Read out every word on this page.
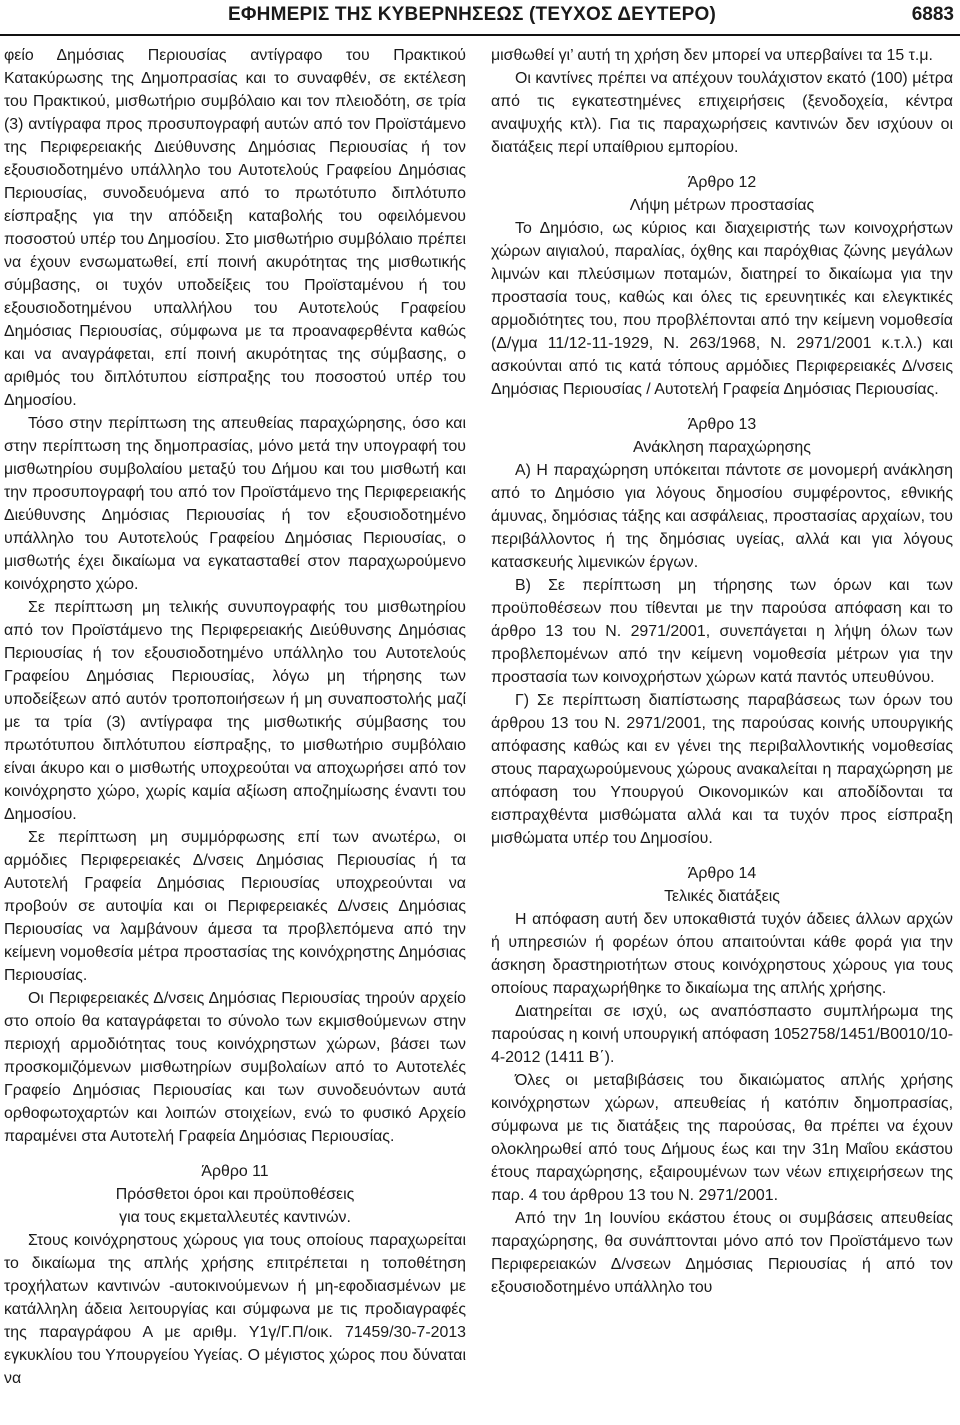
ΕΦΗΜΕΡΙΣ ΤΗΣ ΚΥΒΕΡΝΗΣΕΩΣ (ΤΕΥΧΟΣ ΔΕΥΤΕΡΟ)	6883

φείο Δημόσιας Περιουσίας αντίγραφο του Πρακτικού Κατακύρωσης της Δημοπρασίας και το συναφθέν, σε εκτέλεση του Πρακτικού, μισθωτήριο συμβόλαιο και τον πλειοδότη, σε τρία (3) αντίγραφα προς προσυπογραφή αυτών από τον Προϊστάμενο της Περιφερειακής Διεύθυνσης Δημόσιας Περιουσίας ή τον εξουσιοδοτημένο υπάλληλο του Αυτοτελούς Γραφείου Δημόσιας Περιουσίας, συνοδευόμενα από το πρωτότυπο διπλότυπο είσπραξης για την απόδειξη καταβολής του οφειλόμενου ποσοστού υπέρ του Δημοσίου. Στο μισθωτήριο συμβόλαιο πρέπει να έχουν ενσωματωθεί, επί ποινή ακυρότητας της μισθωτικής σύμβασης, οι τυχόν υποδείξεις του Προϊσταμένου ή του εξουσιοδοτημένου υπαλλήλου του Αυτοτελούς Γραφείου Δημόσιας Περιουσίας, σύμφωνα με τα προαναφερθέντα καθώς και να αναγράφεται, επί ποινή ακυρότητας της σύμβασης, ο αριθμός του διπλότυπου είσπραξης του ποσοστού υπέρ του Δημοσίου.

Τόσο στην περίπτωση της απευθείας παραχώρησης, όσο και στην περίπτωση της δημοπρασίας, μόνο μετά την υπογραφή του μισθωτηρίου συμβολαίου μεταξύ του Δήμου και του μισθωτή και την προσυπογραφή του από τον Προϊστάμενο της Περιφερειακής Διεύθυνσης Δημόσιας Περιουσίας ή τον εξουσιοδοτημένο υπάλληλο του Αυτοτελούς Γραφείου Δημόσιας Περιουσίας, ο μισθωτής έχει δικαίωμα να εγκατασταθεί στον παραχωρούμενο κοινόχρηστο χώρο.

Σε περίπτωση μη τελικής συνυπογραφής του μισθωτηρίου από τον Προϊστάμενο της Περιφερειακής Διεύθυνσης Δημόσιας Περιουσίας ή τον εξουσιοδοτημένο υπάλληλο του Αυτοτελούς Γραφείου Δημόσιας Περιουσίας, λόγω μη τήρησης των υποδείξεων από αυτόν τροποποιήσεων ή μη συναποστολής μαζί με τα τρία (3) αντίγραφα της μισθωτικής σύμβασης του πρωτότυπου διπλότυπου είσπραξης, το μισθωτήριο συμβόλαιο είναι άκυρο και ο μισθωτής υποχρεούται να αποχωρήσει από τον κοινόχρηστο χώρο, χωρίς καμία αξίωση αποζημίωσης έναντι του Δημοσίου.

Σε περίπτωση μη συμμόρφωσης επί των ανωτέρω, οι αρμόδιες Περιφερειακές Δ/νσεις Δημόσιας Περιουσίας ή τα Αυτοτελή Γραφεία Δημόσιας Περιουσίας υποχρεούνται να προβούν σε αυτοψία και οι Περιφερειακές Δ/νσεις Δημόσιας Περιουσίας να λαμβάνουν άμεσα τα προβλεπόμενα από την κείμενη νομοθεσία μέτρα προστασίας της κοινόχρηστης Δημόσιας Περιουσίας.

Οι Περιφερειακές Δ/νσεις Δημόσιας Περιουσίας τηρούν αρχείο στο οποίο θα καταγράφεται το σύνολο των εκμισθούμενων στην περιοχή αρμοδιότητας τους κοινόχρηστων χώρων, βάσει των προσκομιζόμενων μισθωτηρίων συμβολαίων από το Αυτοτελές Γραφείο Δημόσιας Περιουσίας και των συνοδευόντων αυτά ορθοφωτοχαρτών και λοιπών στοιχείων, ενώ το φυσικό Αρχείο παραμένει στα Αυτοτελή Γραφεία Δημόσιας Περιουσίας.

Άρθρο 11
Πρόσθετοι όροι και προϋποθέσεις
για τους εκμεταλλευτές καντινών.

Στους κοινόχρηστους χώρους για τους οποίους παραχωρείται το δικαίωμα της απλής χρήσης επιτρέπεται η τοποθέτηση τροχήλατων καντινών -αυτοκινούμενων ή μη-εφοδιασμένων με κατάλληλη άδεια λειτουργίας και σύμφωνα με τις προδιαγραφές της παραγράφου Α με αριθμ. Υ1γ/Γ.Π/οικ. 71459/30-7-2013 εγκυκλίου του Υπουργείου Υγείας. Ο μέγιστος χώρος που δύναται να

μισθωθεί γι’ αυτή τη χρήση δεν μπορεί να υπερβαίνει τα 15 τ.μ.

Οι καντίνες πρέπει να απέχουν τουλάχιστον εκατό (100) μέτρα από τις εγκατεστημένες επιχειρήσεις (ξενοδοχεία, κέντρα αναψυχής κτλ). Για τις παραχωρήσεις καντινών δεν ισχύουν οι διατάξεις περί υπαίθριου εμπορίου.

Άρθρο 12
Λήψη μέτρων προστασίας

Το Δημόσιο, ως κύριος και διαχειριστής των κοινοχρήστων χώρων αιγιαλού, παραλίας, όχθης και παρόχθιας ζώνης μεγάλων λιμνών και πλεύσιμων ποταμών, διατηρεί το δικαίωμα για την προστασία τους, καθώς και όλες τις ερευνητικές και ελεγκτικές αρμοδιότητες του, που προβλέπονται από την κείμενη νομοθεσία (Δ/γμα 11/12-11-1929, Ν. 263/1968, Ν. 2971/2001 κ.τ.λ.) και ασκούνται από τις κατά τόπους αρμόδιες Περιφερειακές Δ/νσεις Δημόσιας Περιουσίας / Αυτοτελή Γραφεία Δημόσιας Περιουσίας.

Άρθρο 13
Ανάκληση παραχώρησης

Α) Η παραχώρηση υπόκειται πάντοτε σε μονομερή ανάκληση από το Δημόσιο για λόγους δημοσίου συμφέροντος, εθνικής άμυνας, δημόσιας τάξης και ασφάλειας, προστασίας αρχαίων, του περιβάλλοντος ή της δημόσιας υγείας, αλλά και για λόγους κατασκευής λιμενικών έργων.

Β) Σε περίπτωση μη τήρησης των όρων και των προϋποθέσεων που τίθενται με την παρούσα απόφαση και το άρθρο 13 του Ν. 2971/2001, συνεπάγεται η λήψη όλων των προβλεπομένων από την κείμενη νομοθεσία μέτρων για την προστασία των κοινοχρήστων χώρων κατά παντός υπευθύνου.

Γ) Σε περίπτωση διαπίστωσης παραβάσεως των όρων του άρθρου 13 του Ν. 2971/2001, της παρούσας κοινής υπουργικής απόφασης καθώς και εν γένει της περιβαλλοντικής νομοθεσίας στους παραχωρούμενους χώρους ανακαλείται η παραχώρηση με απόφαση του Υπουργού Οικονομικών και αποδίδονται τα εισπραχθέντα μισθώματα αλλά και τα τυχόν προς είσπραξη μισθώματα υπέρ του Δημοσίου.

Άρθρο 14
Τελικές διατάξεις

Η απόφαση αυτή δεν υποκαθιστά τυχόν άδειες άλλων αρχών ή υπηρεσιών ή φορέων όπου απαιτούνται κάθε φορά για την άσκηση δραστηριοτήτων στους κοινόχρηστους χώρους για τους οποίους παραχωρήθηκε το δικαίωμα της απλής χρήσης.

Διατηρείται σε ισχύ, ως αναπόσπαστο συμπλήρωμα της παρούσας η κοινή υπουργική απόφαση 1052758/1451/Β0010/10-4-2012 (1411 Β΄).

Όλες οι μεταβιβάσεις του δικαιώματος απλής χρήσης κοινόχρηστων χώρων, απευθείας ή κατόπιν δημοπρασίας, σύμφωνα με τις διατάξεις της παρούσας, θα πρέπει να έχουν ολοκληρωθεί από τους Δήμους έως και την 31η Μαΐου εκάστου έτους παραχώρησης, εξαιρουμένων των νέων επιχειρήσεων της παρ. 4 του άρθρου 13 του Ν. 2971/2001.

Από την 1η Ιουνίου εκάστου έτους οι συμβάσεις απευθείας παραχώρησης, θα συνάπτονται μόνο από τον Προϊστάμενο των Περιφερειακών Δ/νσεων Δημόσιας Περιουσίας ή από τον εξουσιοδοτημένο υπάλληλο του
